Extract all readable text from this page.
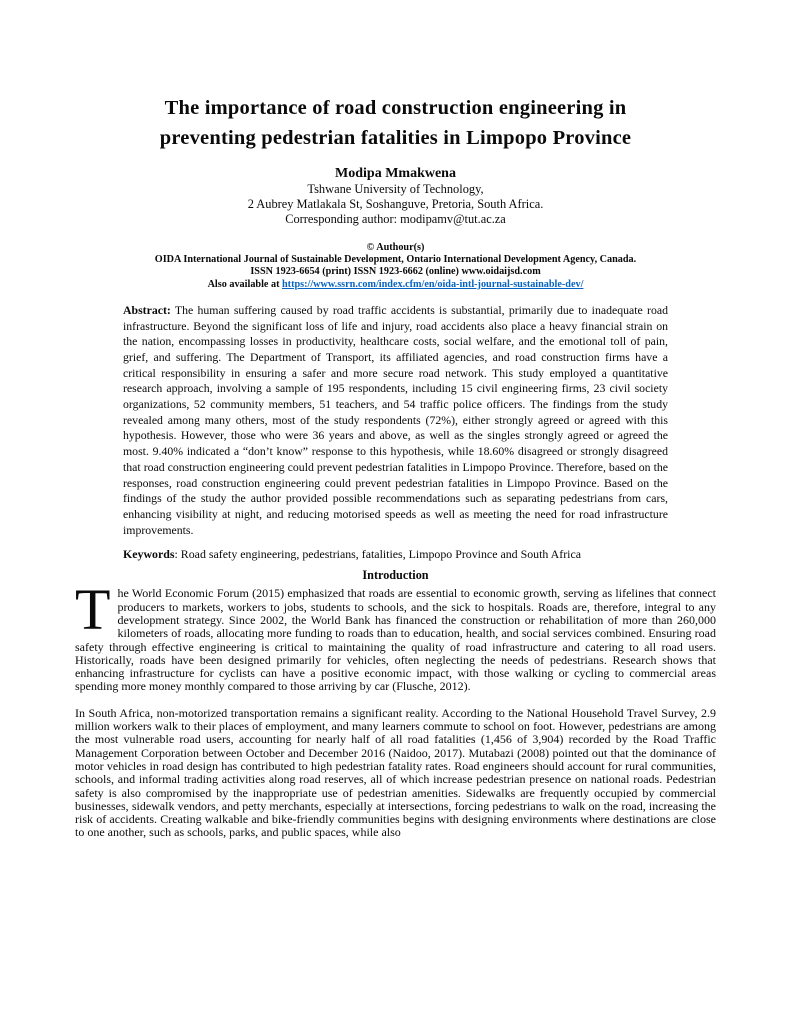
The importance of road construction engineering in
preventing pedestrian fatalities in Limpopo Province
Modipa Mmakwena
Tshwane University of Technology,
2 Aubrey Matlakala St, Soshanguve, Pretoria, South Africa.
Corresponding author: modipamv@tut.ac.za
© Authour(s)
OIDA International Journal of Sustainable Development, Ontario International Development Agency, Canada.
ISSN 1923-6654 (print) ISSN 1923-6662 (online) www.oidaijsd.com
Also available at https://www.ssrn.com/index.cfm/en/oida-intl-journal-sustainable-dev/

Abstract: The human suffering caused by road traffic accidents is substantial, primarily due to inadequate road infrastructure. Beyond the significant loss of life and injury, road accidents also place a heavy financial strain on the nation, encompassing losses in productivity, healthcare costs, social welfare, and the emotional toll of pain, grief, and suffering. The Department of Transport, its affiliated agencies, and road construction firms have a critical responsibility in ensuring a safer and more secure road network. This study employed a quantitative research approach, involving a sample of 195 respondents, including 15 civil engineering firms, 23 civil society organizations, 52 community members, 51 teachers, and 54 traffic police officers. The findings from the study revealed among many others, most of the study respondents (72%), either strongly agreed or agreed with this hypothesis. However, those who were 36 years and above, as well as the singles strongly agreed or agreed the most. 9.40% indicated a “don’t know” response to this hypothesis, while 18.60% disagreed or strongly disagreed that road construction engineering could prevent pedestrian fatalities in Limpopo Province. Therefore, based on the responses, road construction engineering could prevent pedestrian fatalities in Limpopo Province. Based on the findings of the study the author provided possible recommendations such as separating pedestrians from cars, enhancing visibility at night, and reducing motorised speeds as well as meeting the need for road infrastructure improvements.

Keywords: Road safety engineering, pedestrians, fatalities, Limpopo Province and South Africa

Introduction

The World Economic Forum (2015) emphasized that roads are essential to economic growth, serving as lifelines that connect producers to markets, workers to jobs, students to schools, and the sick to hospitals. Roads are, therefore, integral to any development strategy. Since 2002, the World Bank has financed the construction or rehabilitation of more than 260,000 kilometers of roads, allocating more funding to roads than to education, health, and social services combined. Ensuring road safety through effective engineering is critical to maintaining the quality of road infrastructure and catering to all road users. Historically, roads have been designed primarily for vehicles, often neglecting the needs of pedestrians. Research shows that enhancing infrastructure for cyclists can have a positive economic impact, with those walking or cycling to commercial areas spending more money monthly compared to those arriving by car (Flusche, 2012).

In South Africa, non-motorized transportation remains a significant reality. According to the National Household Travel Survey, 2.9 million workers walk to their places of employment, and many learners commute to school on foot. However, pedestrians are among the most vulnerable road users, accounting for nearly half of all road fatalities (1,456 of 3,904) recorded by the Road Traffic Management Corporation between October and December 2016 (Naidoo, 2017). Mutabazi (2008) pointed out that the dominance of motor vehicles in road design has contributed to high pedestrian fatality rates. Road engineers should account for rural communities, schools, and informal trading activities along road reserves, all of which increase pedestrian presence on national roads. Pedestrian safety is also compromised by the inappropriate use of pedestrian amenities. Sidewalks are frequently occupied by commercial businesses, sidewalk vendors, and petty merchants, especially at intersections, forcing pedestrians to walk on the road, increasing the risk of accidents. Creating walkable and bike-friendly communities begins with designing environments where destinations are close to one another, such as schools, parks, and public spaces, while also
